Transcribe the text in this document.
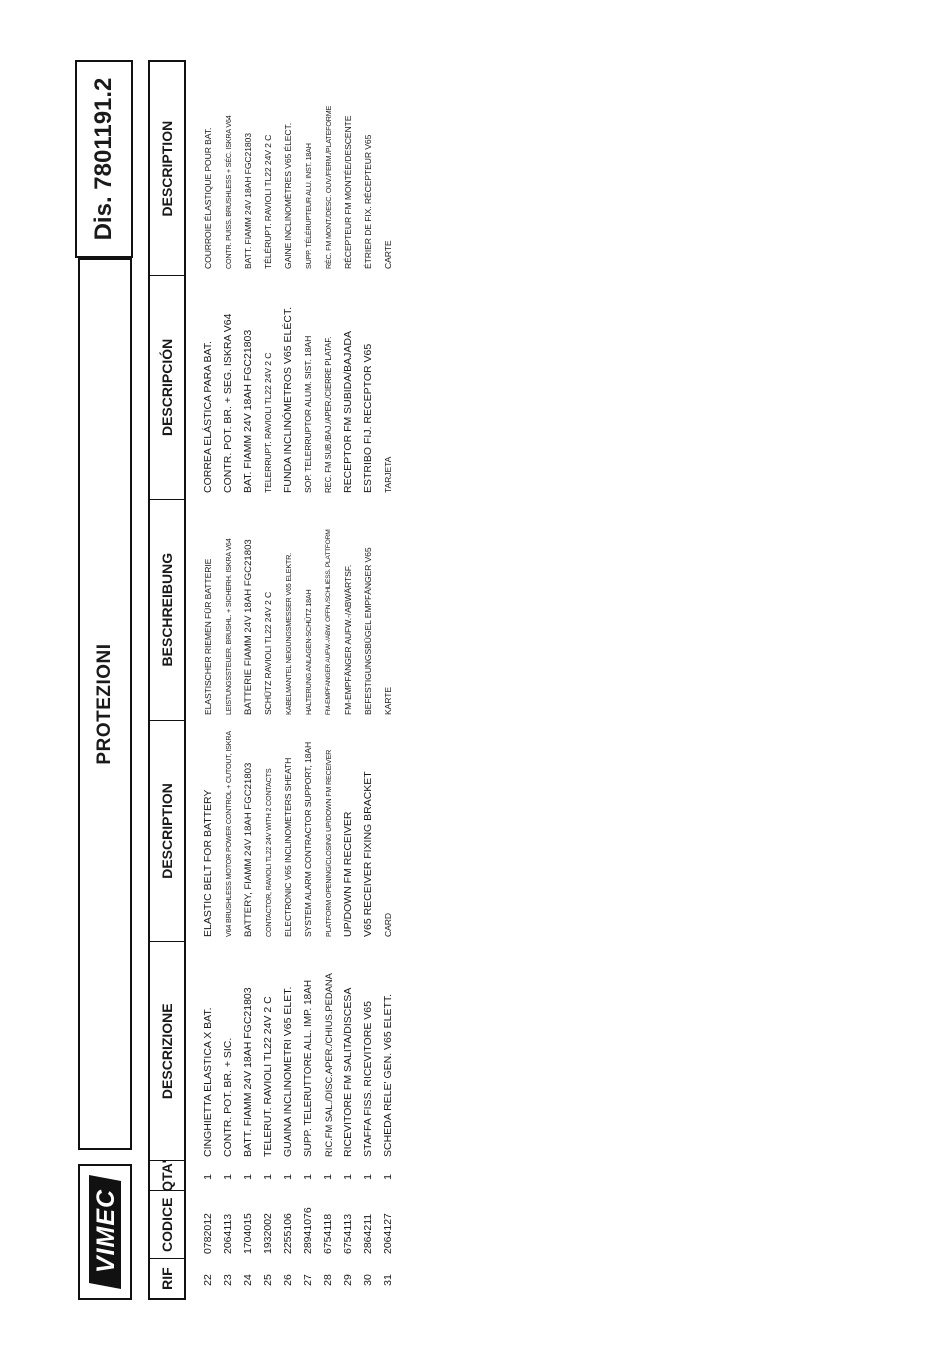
VIMEC
PROTEZIONI
Dis. 7801191.2
RIF
CODICE
QTA'
DESCRIZIONE
DESCRIPTION
BESCHREIBUNG
DESCRIPCIÓN
DESCRIPTION
22
0782012
1
CINGHIETTA ELASTICA X BAT.
ELASTIC BELT FOR BATTERY
ELASTISCHER RIEMEN FÜR BATTERIE
CORREA ELÁSTICA PARA BAT.
COURROIE ÉLASTIQUE POUR BAT.
23
2064113
1
CONTR. POT. BR. + SIC.
V64 BRUSHLESS MOTOR POWER CONTROL + CUTOUT, ISKRA
LEISTUNGSSTEUER. BRUSHL. + SICHERH. ISKRA V64
CONTR. POT. BR. + SEG. ISKRA V64
CONTR. PUISS. BRUSHLESS + SÉC. ISKRA V64
24
1704015
1
BATT. FIAMM 24V 18AH FGC21803
BATTERY, FIAMM 24V 18AH FGC21803
BATTERIE FIAMM 24V 18AH FGC21803
BAT. FIAMM 24V 18AH FGC21803
BATT. FIAMM 24V 18AH FGC21803
25
1932002
1
TELERUT. RAVIOLI TL22 24V 2 C
CONTACTOR, RAVIOLI TL22 24V WITH 2 CONTACTS
SCHÜTZ RAVIOLI TL22 24V 2 C
TELERRUPT. RAVIOLI TL22 24V 2 C
TÉLÉRUPT. RAVIOLI TL22 24V 2 C
26
2255106
1
GUAINA INCLINOMETRI V65 ELET.
ELECTRONIC V65 INCLINOMETERS SHEATH
KABELMANTEL NEIGUNGSMESSER V65 ELEKTR.
FUNDA INCLINÓMETROS V65 ELÉCT.
GAINE INCLINOMÈTRES V65 ÉLECT.
27
28941076
1
SUPP. TELERUTTORE ALL. IMP. 18AH
SYSTEM ALARM CONTRACTOR SUPPORT, 18AH
HALTERUNG ANLAGEN-SCHÜTZ 18AH
SOP. TELERRUPTOR ALUM. SIST. 18AH
SUPP. TÉLÉRUPTEUR ALU. INST. 18AH
28
6754118
1
RIC.FM SAL./DISC.APER./CHIUS.PEDANA
PLATFORM OPENING/CLOSING UP/DOWN FM RECEIVER
FM-EMPFÄNGER AUFW.-/ABW. ÖFFN./SCHLIESS. PLATTFORM
REC. FM SUB./BAJ./APER./CIERRE PLATAF.
RÉC. FM MONT./DESC. OUV./FERM./PLATEFORME
29
6754113
1
RICEVITORE FM SALITA/DISCESA
UP/DOWN FM RECEIVER
FM-EMPFÄNGER AUFW.-/ABWÄRTSF.
RECEPTOR FM SUBIDA/BAJADA
RÉCEPTEUR FM MONTÉE/DESCENTE
30
2864211
1
STAFFA FISS. RICEVITORE V65
V65 RECEIVER FIXING BRACKET
BEFESTIGUNGSBÜGEL EMPFÄNGER V65
ESTRIBO FIJ. RECEPTOR V65
ÉTRIER DE FIX. RÉCEPTEUR V65
31
2064127
1
SCHEDA RELE' GEN. V65 ELETT.
CARD
KARTE
TARJETA
CARTE
